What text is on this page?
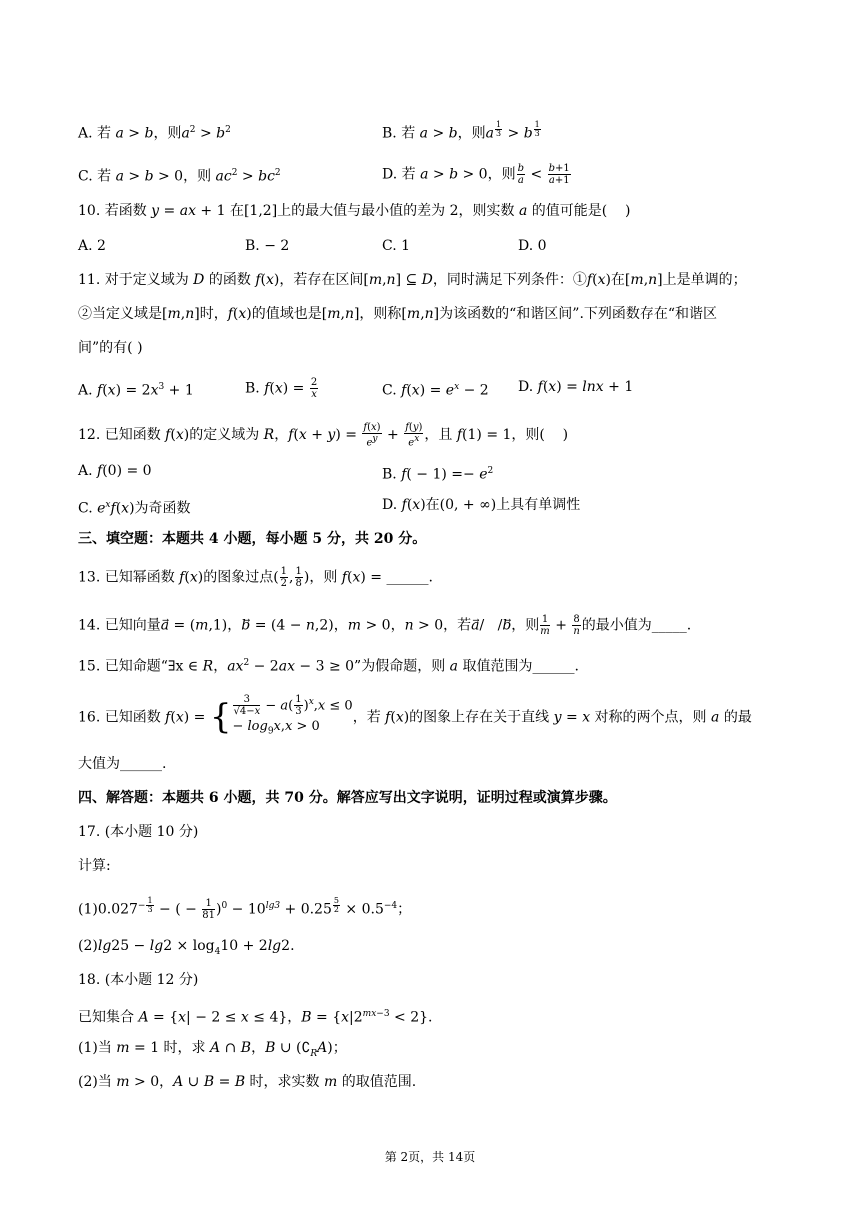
A. 若 a > b，则$a^2 > b^2$	B. 若 a > b，则a $^{\frac{1}{3}}$ > b $^{\frac{1}{3}}$
C. 若 a > b > 0，则 $ac^2 > bc^2$	D. 若 a > b > 0，则 $\frac{b}{a} < \frac{b+1}{a+1}$
10. 若函数 y = ax + 1 在[1,2]上的最大值与最小值的差为 2，则实数 a 的值可能是(    )
A. 2	B. − 2	C. 1	D. 0
11. 对于定义域为 D 的函数 f(x)，若存在区间[m,n] ⊆ D，同时满足下列条件：①f(x)在[m,n]上是单调的；
②当定义域是[m,n]时，f(x)的值域也是[m,n]，则称[m,n]为该函数的“和谐区间”.下列函数存在“和谐区
间”的有( )
A. $f(x) = 2x^3 + 1$	B. $f(x) = \frac{2}{x}$	C. $f(x) = e^x - 2$ D. f(x) = lnx + 1
12. 已知函数 f(x)的定义域为 R，$f(x + y) = \frac{f(x)}{e^y} + \frac{f(y)}{e^x}$ ，且 f(1) = 1，则(    )
A. f(0) = 0	B. $f( - 1) =- e^2$
C. $e^xf(x)$为奇函数	D. f(x)在(0, + ∞)上具有单调性
三、填空题：本题共 4 小题，每小题 5 分，共 20 分。
13. 已知幂函数 f(x)的图象过点( $\frac{1}{2}$ , $\frac{1}{8}$ )，则 f(x) = ______.
14. 已知向量a⃗ = (m,1)，b⃗ = (4 − n,2)，m > 0，n > 0，若a⃗/   /b⃗，则 $\frac{1}{m} + \frac{8}{n}$ 的最小值为_____.
15. 已知命题“∃x ∈ R，$ax^2 - 2ax - 3 \ge 0$”为假命题，则 a 取值范围为______.
16. 已知函数 f(x) = { $\frac{3}{√4-x} - a( \frac{1}{3} )^x,x \le 0$
− $\log_9x,x > 0$
，若 f(x)的图象上存在关于直线 y = x 对称的两个点，则 a 的最
大值为______.
四、解答题：本题共 6 小题，共 70 分。解答应写出文字说明，证明过程或演算步骤。
17. (本小题 10 分)
计算:
$(1)0.027^{- \frac{1}{3}}$ − ( − $\frac{1}{81} )^0 - 10^{lg3} + 0.25$ $^{\frac{5}{2}} \times 0.5^{-4}$；
$(2)\lg 25 - \lg 2 \times \log_410 + 2\lg 2$.
18. (本小题 12 分)
已知集合 A = {x| − 2 ≤ x ≤ 4}，$B = \{x|2^{mx-3} < 2\}$.
(1)当 m = 1 时，求 A ∩ B，B ∪ $(∁_RA)$；
(2)当 m > 0，A ∪ B = B 时，求实数 m 的取值范围.
第 2页，共 14页
